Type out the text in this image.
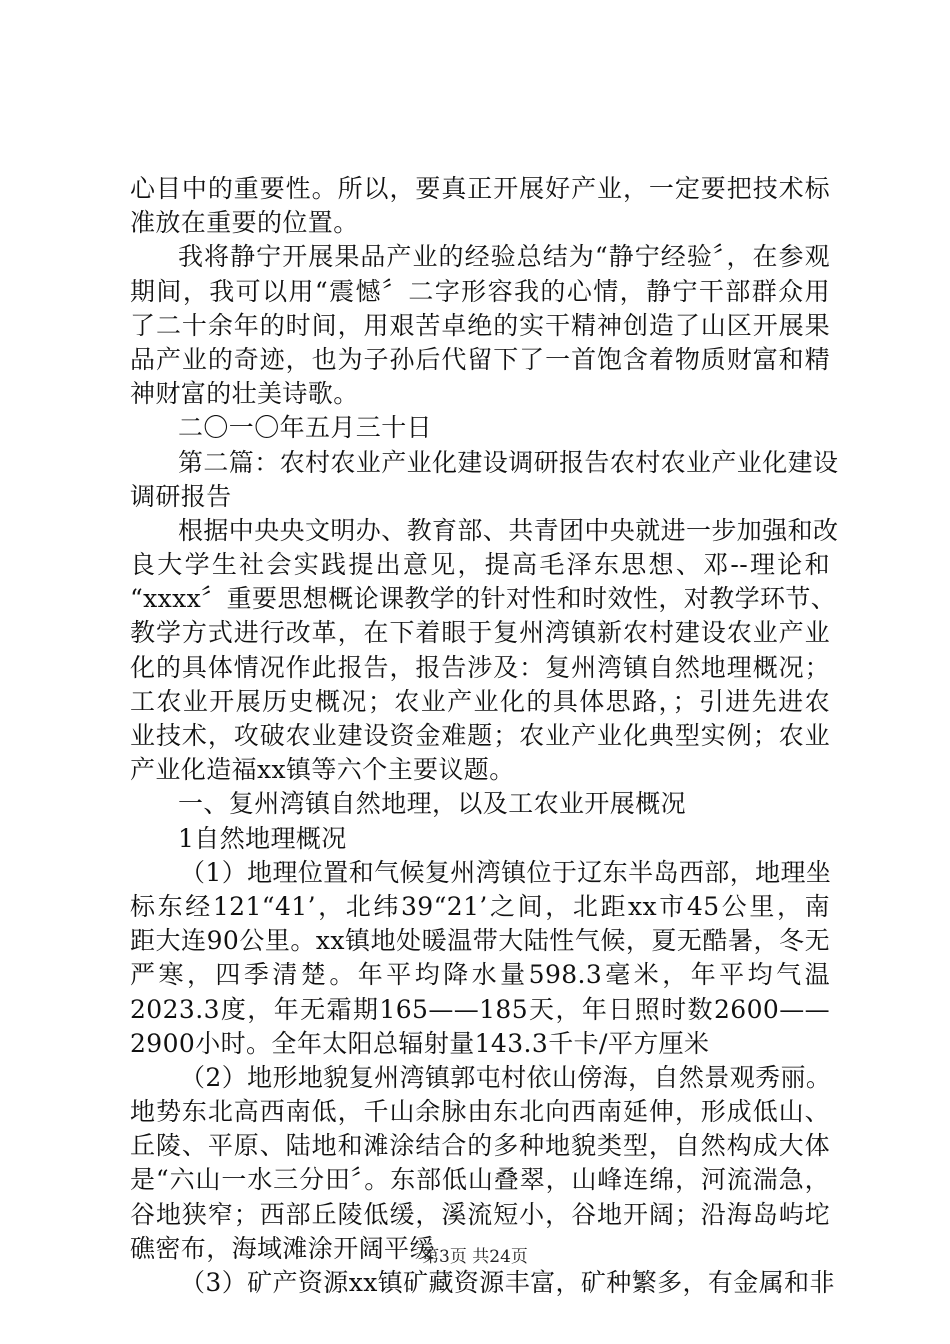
心目中的重要性。所以，要真正开展好产业，一定要把技术标
准放在重要的位置。
我将静宁开展果品产业的经验总结为“静宁经验〞，在参观
期间，我可以用“震憾〞二字形容我的心情，静宁干部群众用
了二十余年的时间，用艰苦卓绝的实干精神创造了山区开展果
品产业的奇迹，也为子孙后代留下了一首饱含着物质财富和精
神财富的壮美诗歌。
二〇一〇年五月三十日
第二篇：农村农业产业化建设调研报告农村农业产业化建设
调研报告
根据中央央文明办、教育部、共青团中央就进一步加强和改
良大学生社会实践提出意见，提高毛泽东思想、邓--理论和
“xxxx〞重要思想概论课教学的针对性和时效性，对教学环节、
教学方式进行改革，在下着眼于复州湾镇新农村建设农业产业
化的具体情况作此报告，报告涉及：复州湾镇自然地理概况；
工农业开展历史概况；农业产业化的具体思路，；引进先进农
业技术，攻破农业建设资金难题；农业产业化典型实例；农业
产业化造福xx镇等六个主要议题。
一、复州湾镇自然地理，以及工农业开展概况
1自然地理概况
（1）地理位置和气候复州湾镇位于辽东半岛西部，地理坐
标东经121“41’，北纬39“21’之间，北距xx市45公里，南
距大连90公里。xx镇地处暖温带大陆性气候，夏无酷暑，冬无
严寒，四季清楚。年平均降水量598.3毫米，年平均气温
2023.3度，年无霜期165——185天，年日照时数2600——
2900小时。全年太阳总辐射量143.3千卡/平方厘米
（2）地形地貌复州湾镇郭屯村依山傍海，自然景观秀丽。
地势东北高西南低，千山余脉由东北向西南延伸，形成低山、
丘陵、平原、陆地和滩涂结合的多种地貌类型，自然构成大体
是“六山一水三分田〞。东部低山叠翠，山峰连绵，河流湍急，
谷地狭窄；西部丘陵低缓，溪流短小，谷地开阔；沿海岛屿坨
礁密布，海域滩涂开阔平缓
（3）矿产资源xx镇矿藏资源丰富，矿种繁多，有金属和非
第3页 共24页
